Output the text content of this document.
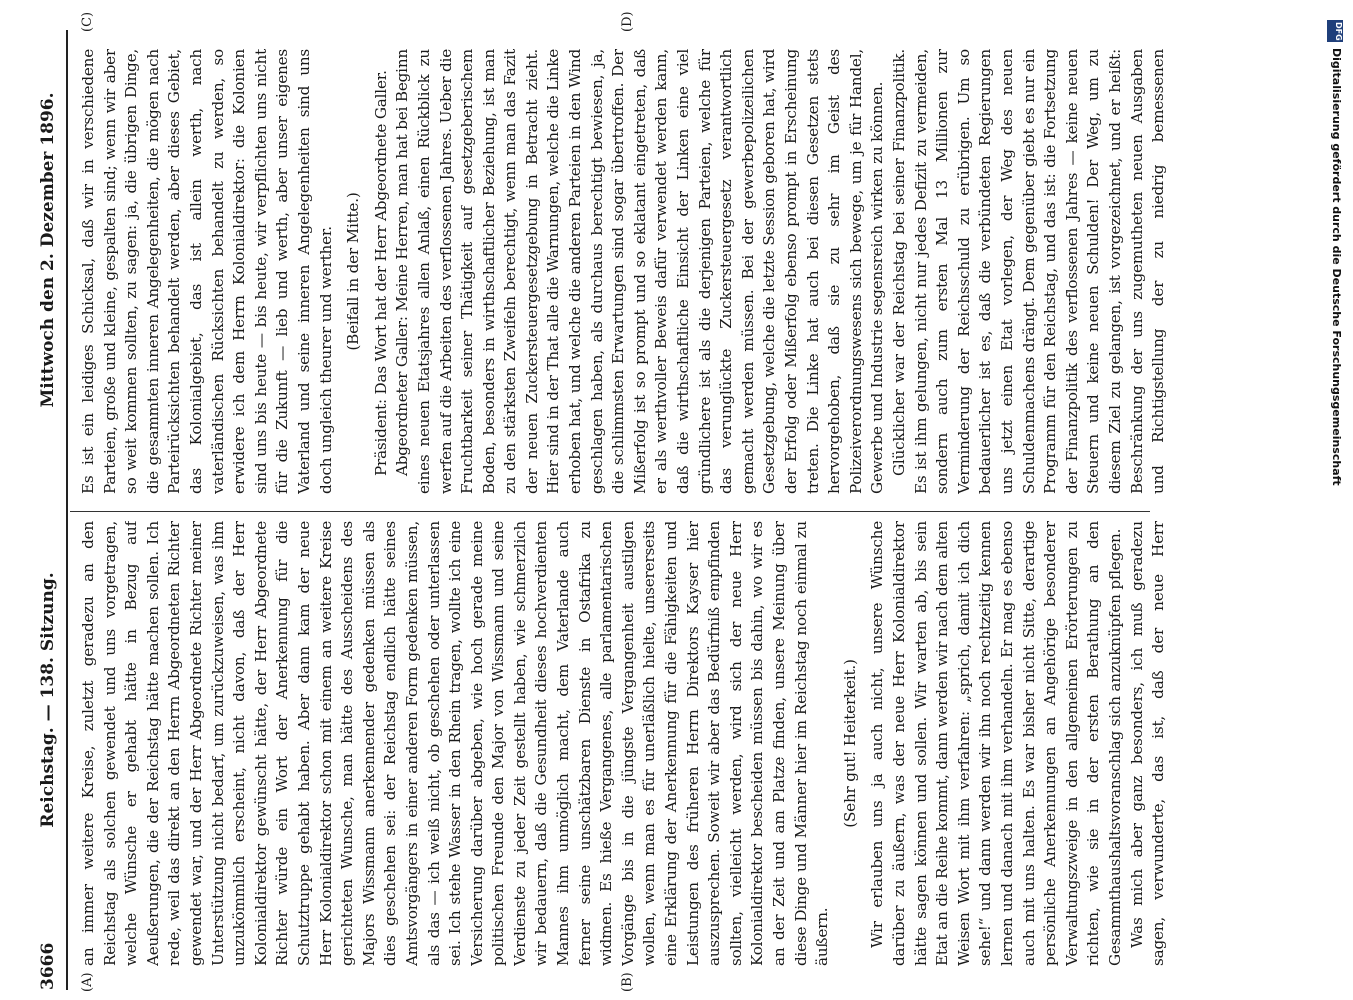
3666
Reichstag. — 138. Sitzung.
Mittwoch den 2. Dezember 1896.
(A)	(B)
(C)	(D)

an immer weitere Kreise, zuletzt geradezu an den Reichstag als solchen gewendet und uns vorgetragen, welche Wünsche er gehabt hätte in Bezug auf Aeußerungen, die der Reichstag hätte machen sollen. Ich rede, weil das direkt an den Herrn Abgeordneten Richter gewendet war, und der Herr Abgeordnete Richter meiner Unterstützung nicht bedarf, um zurückzuweisen, was ihm unzukömmlich erscheint, nicht davon, daß der Herr Kolonialdirektor gewünscht hätte, der Herr Abgeordnete Richter würde ein Wort der Anerkennung für die Schutztruppe gehabt haben. Aber dann kam der neue Herr Kolonialdirektor schon mit einem an weitere Kreise gerichteten Wunsche, man hätte des Ausscheidens des Majors Wissmann anerkennender gedenken müssen als dies geschehen sei: der Reichstag endlich hätte seines Amtsvorgängers in einer anderen Form gedenken müssen, als das — ich weiß nicht, ob geschehen oder unterlassen sei. Ich stehe Wasser in den Rhein tragen, wollte ich eine Versicherung darüber abgeben, wie hoch gerade meine politischen Freunde den Major von Wissmann und seine Verdienste zu jeder Zeit gestellt haben, wie schmerzlich wir bedauern, daß die Gesundheit dieses hochverdienten Mannes ihm unmöglich macht, dem Vaterlande auch ferner seine unschätzbaren Dienste in Ostafrika zu widmen. Es hieße Vergangenes, alle parlamentarischen Vorgänge bis in die jüngste Vergangenheit austilgen wollen, wenn man es für unerläßlich hielte, unsererseits eine Erklärung der Anerkennung für die Fähigkeiten und Leistungen des früheren Herrn Direktors Kayser hier auszusprechen. Soweit wir aber das Bedürfniß empfinden sollten, vielleicht werden, wird sich der neue Herr Kolonialdirektor bescheiden müssen bis dahin, wo wir es an der Zeit und am Platze finden, unsere Meinung über diese Dinge und Männer hier im Reichstag noch einmal zu äußern.

(Sehr gut! Heiterkeit.) Wir erlauben uns ja auch nicht, unsere Wünsche darüber zu äußern, was der neue Herr Kolonialdirektor hätte sagen können und sollen. Wir warten ab, bis sein Etat an die Reihe kommt, dann werden wir nach dem alten Weisen Wort mit ihm verfahren: „sprich, damit ich dich sehe!“ und dann werden wir ihn noch rechtzeitig kennen lernen und danach mit ihm verhandeln. Er mag es ebenso auch mit uns halten. Es war bisher nicht Sitte, derartige persönliche Anerkennungen an Angehörige besonderer Verwaltungszweige in den allgemeinen Erörterungen zu richten, wie sie in der ersten Berathung an den Gesammthaushaltsvoranschlag sich anzuknüpfen pflegen. Was mich aber ganz besonders, ich muß geradezu sagen, verwunderte, das ist, daß der neue Herr

Es ist ein leidiges Schicksal, daß wir in verschiedene Parteien, große und kleine, gespalten sind; wenn wir aber so weit kommen sollten, zu sagen: ja, die übrigen Dinge, die gesammten inneren Angelegenheiten, die mögen nach Parteirücksichten behandelt werden, aber dieses Gebiet, das Kolonialgebiet, das ist allein werth, nach vaterländischen Rücksichten behandelt zu werden, so erwidere ich dem Herrn Kolonialdirektor: die Kolonien sind uns bis heute — bis heute, wir verpflichten uns nicht für die Zukunft — lieb und werth, aber unser eigenes Vaterland und seine inneren Angelegenheiten sind uns doch ungleich theurer und werther. (Beifall in der Mitte.) Präsident: Das Wort hat der Herr Abgeordnete Galler. Abgeordneter Galler: Meine Herren, man hat bei Beginn eines neuen Etatsjahres allen Anlaß, einen Rückblick zu werfen auf die Arbeiten des verflossenen Jahres. Ueber die Fruchtbarkeit seiner Thätigkeit auf gesetzgeberischem Boden, besonders in wirthschaftlicher Beziehung, ist man zu den stärksten Zweifeln berechtigt, wenn man das Fazit der neuen Zuckersteuergesetzgebung in Betracht zieht. Hier sind in der That alle die Warnungen, welche die Linke erhoben hat, und welche die anderen Parteien in den Wind geschlagen haben, als durchaus berechtigt bewiesen, ja, die schlimmsten Erwartungen sind sogar übertroffen. Der Mißerfolg ist so prompt und so eklatant eingetreten, daß er als werthvoller Beweis dafür verwendet werden kann, daß die wirthschaftliche Einsicht der Linken eine viel gründlichere ist als die derjenigen Parteien, welche für das verunglückte Zuckersteuergesetz verantwortlich gemacht werden müssen. Bei der gewerbepolizeilichen Gesetzgebung, welche die letzte Session geboren hat, wird der Erfolg oder Mißerfolg ebenso prompt in Erscheinung treten. Die Linke hat auch bei diesen Gesetzen stets hervorgehoben, daß sie zu sehr im Geist des Polizeiverordnungswesens sich bewege, um je für Handel, Gewerbe und Industrie segensreich wirken zu können. Glücklicher war der Reichstag bei seiner Finanzpolitik. Es ist ihm gelungen, nicht nur jedes Defizit zu vermeiden, sondern auch zum ersten Mal 13 Millionen zur Verminderung der Reichsschuld zu erübrigen. Um so bedauerlicher ist es, daß die verbündeten Regierungen uns jetzt einen Etat vorlegen, der Weg des neuen Schuldenmachens drängt. Dem gegenüber giebt es nur ein Programm für den Reichstag, und das ist: die Fortsetzung der Finanzpolitik des verflossenen Jahres — keine neuen Steuern und keine neuen Schulden! Der Weg, um zu diesem Ziel zu gelangen, ist vorgezeichnet, und er heißt: Beschränkung der uns zugemutheten neuen Ausgaben und Richtigstellung der zu niedrig bemessenen

DFG
Digitalisierung gefördert durch die Deutsche Forschungsgemeinschaft
